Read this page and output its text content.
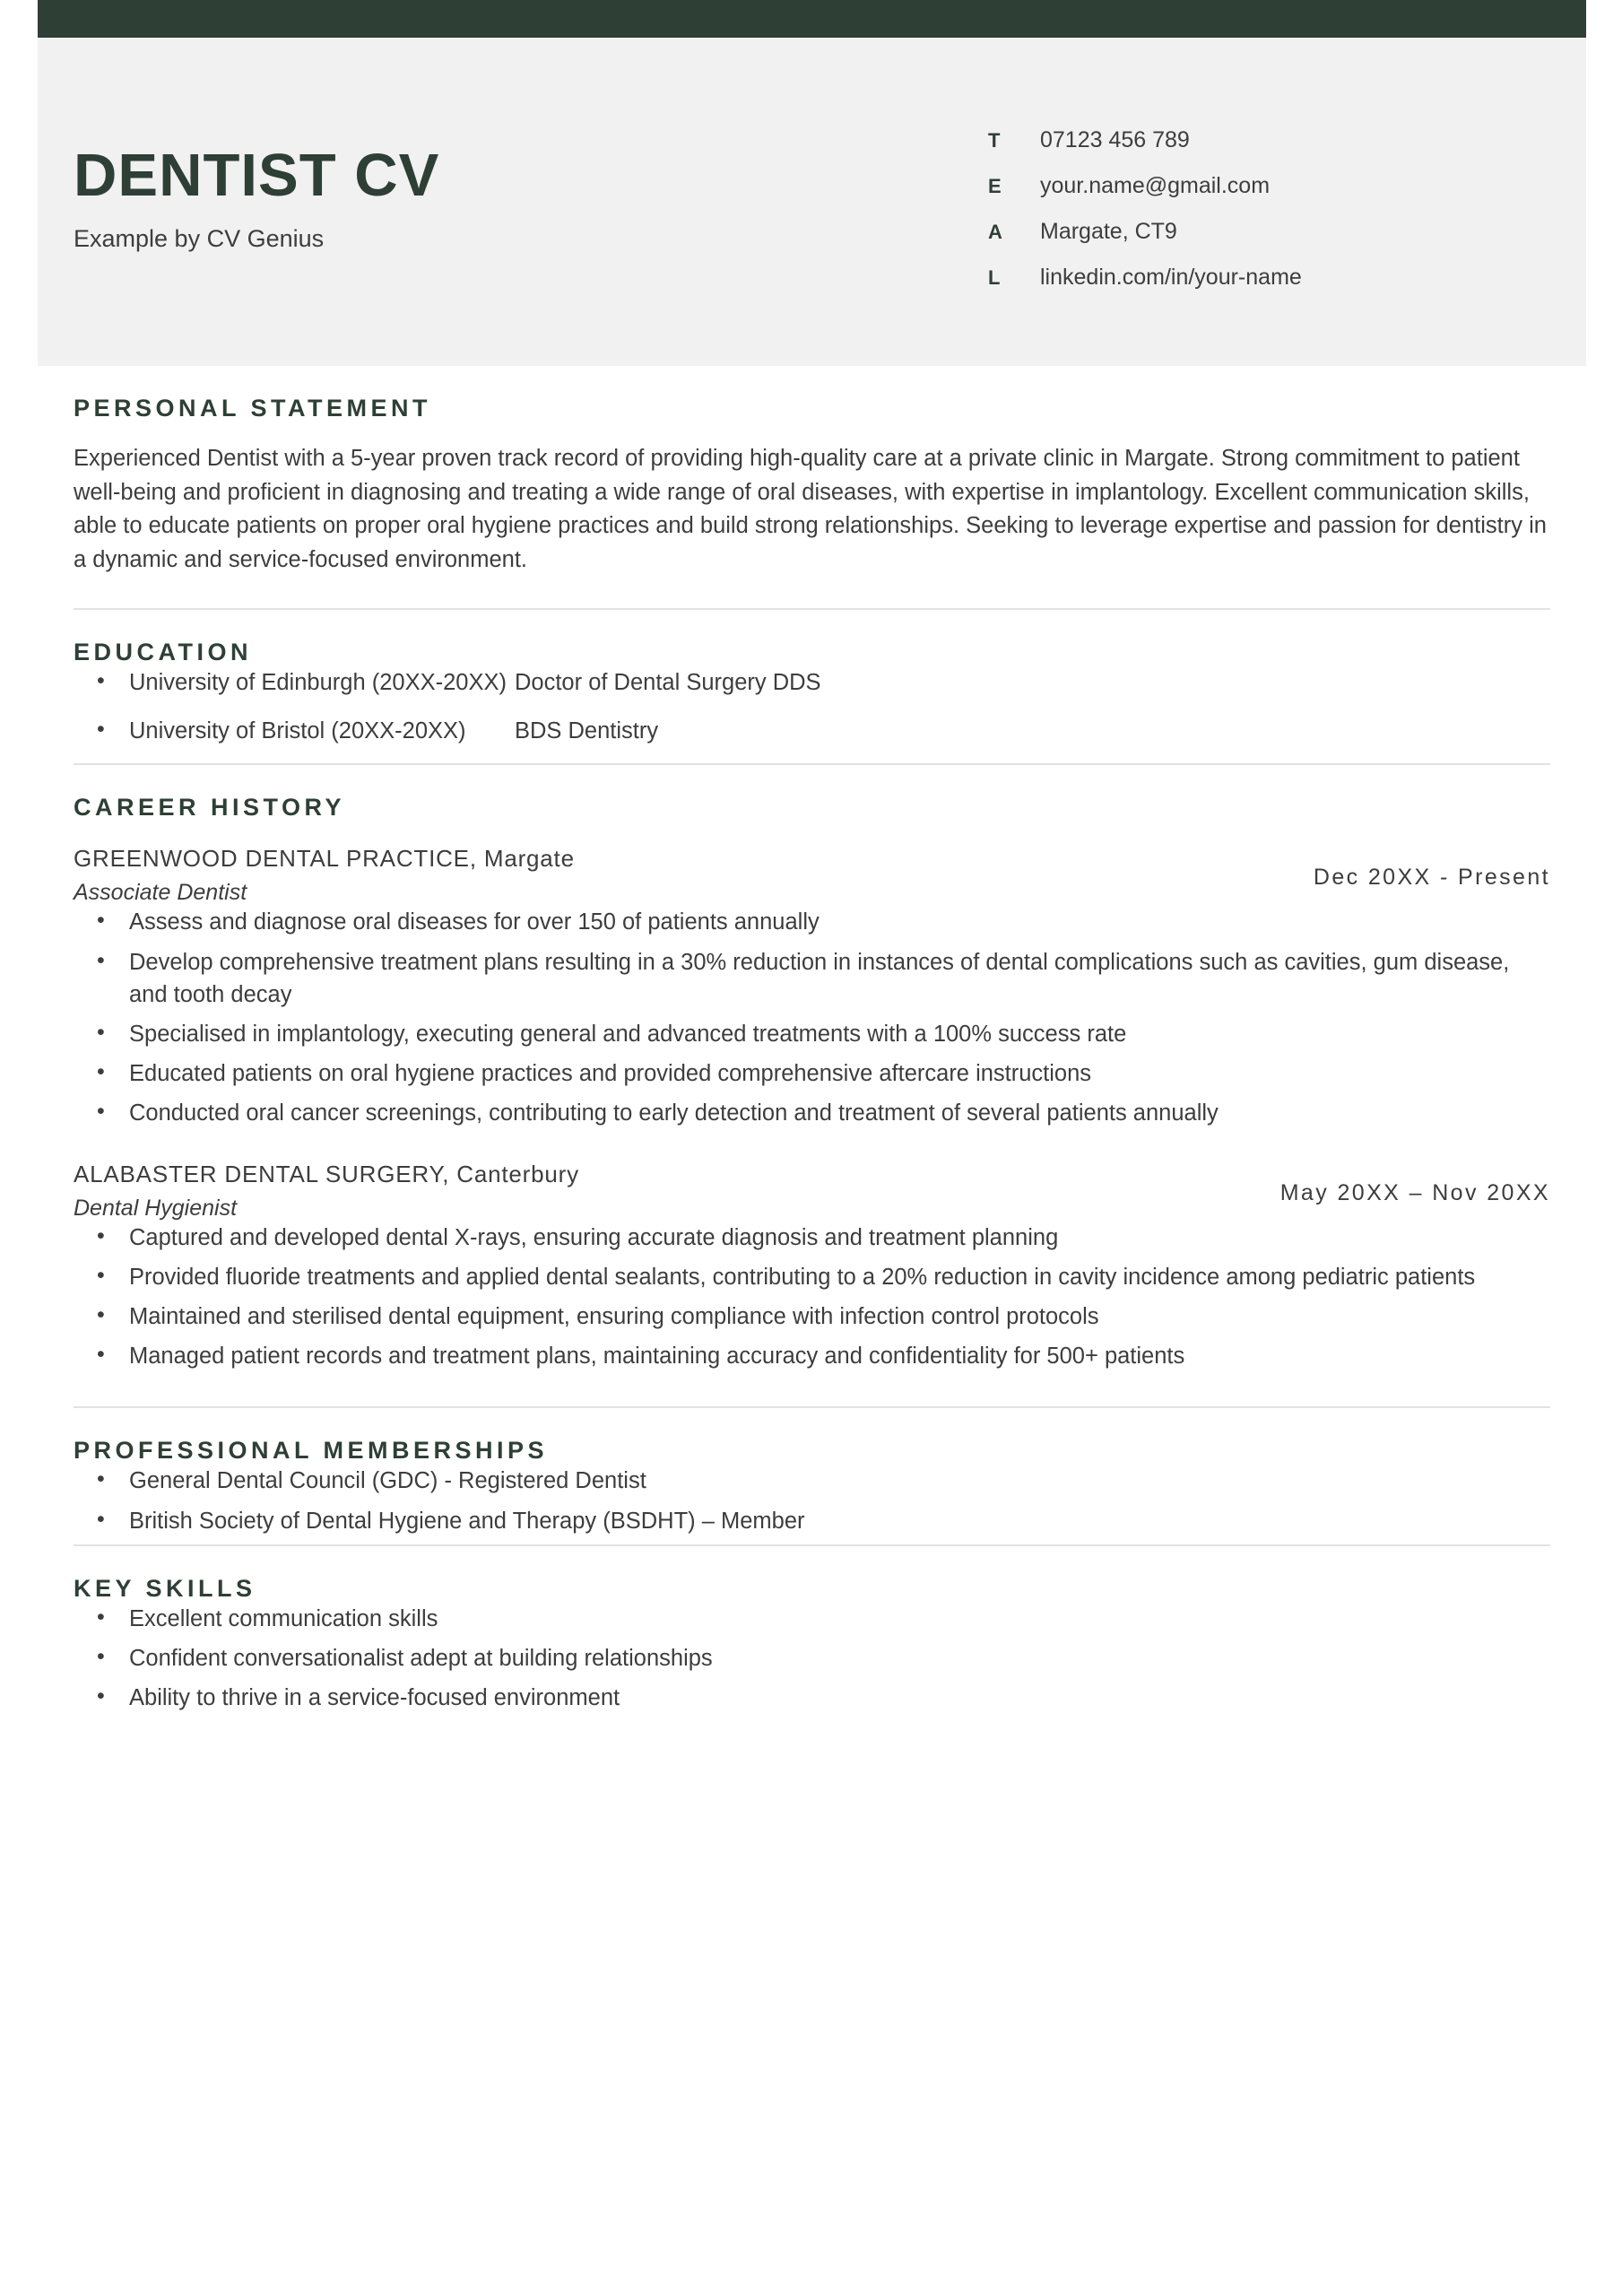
DENTIST CV
Example by CV Genius
T	07123 456 789
E	your.name@gmail.com
A	Margate, CT9
L	linkedin.com/in/your-name
PERSONAL STATEMENT

Experienced Dentist with a 5-year proven track record of providing high-quality care at a private clinic in Margate. Strong commitment to patient well-being and proficient in diagnosing and treating a wide range of oral diseases, with expertise in implantology. Excellent communication skills, able to educate patients on proper oral hygiene practices and build strong relationships. Seeking to leverage expertise and passion for dentistry in a dynamic and service-focused environment.

EDUCATION
• University of Edinburgh (20XX-20XX) Doctor of Dental Surgery DDS
• University of Bristol (20XX-20XX)	BDS Dentistry
CAREER HISTORY
GREENWOOD DENTAL PRACTICE, Margate
Associate Dentist
Dec 20XX - Present
• Assess and diagnose oral diseases for over 150 of patients annually
• Develop comprehensive treatment plans resulting in a 30% reduction in instances of dental complications such as cavities, gum disease, and tooth decay
• Specialised in implantology, executing general and advanced treatments with a 100% success rate
• Educated patients on oral hygiene practices and provided comprehensive aftercare instructions
• Conducted oral cancer screenings, contributing to early detection and treatment of several patients annually
ALABASTER DENTAL SURGERY, Canterbury
Dental Hygienist
May 20XX – Nov 20XX
• Captured and developed dental X-rays, ensuring accurate diagnosis and treatment planning
• Provided fluoride treatments and applied dental sealants, contributing to a 20% reduction in cavity incidence among pediatric patients
• Maintained and sterilised dental equipment, ensuring compliance with infection control protocols
• Managed patient records and treatment plans, maintaining accuracy and confidentiality for 500+ patients
PROFESSIONAL MEMBERSHIPS
• General Dental Council (GDC) - Registered Dentist
• British Society of Dental Hygiene and Therapy (BSDHT) – Member
KEY SKILLS
• Excellent communication skills
• Confident conversationalist adept at building relationships
• Ability to thrive in a service-focused environment
